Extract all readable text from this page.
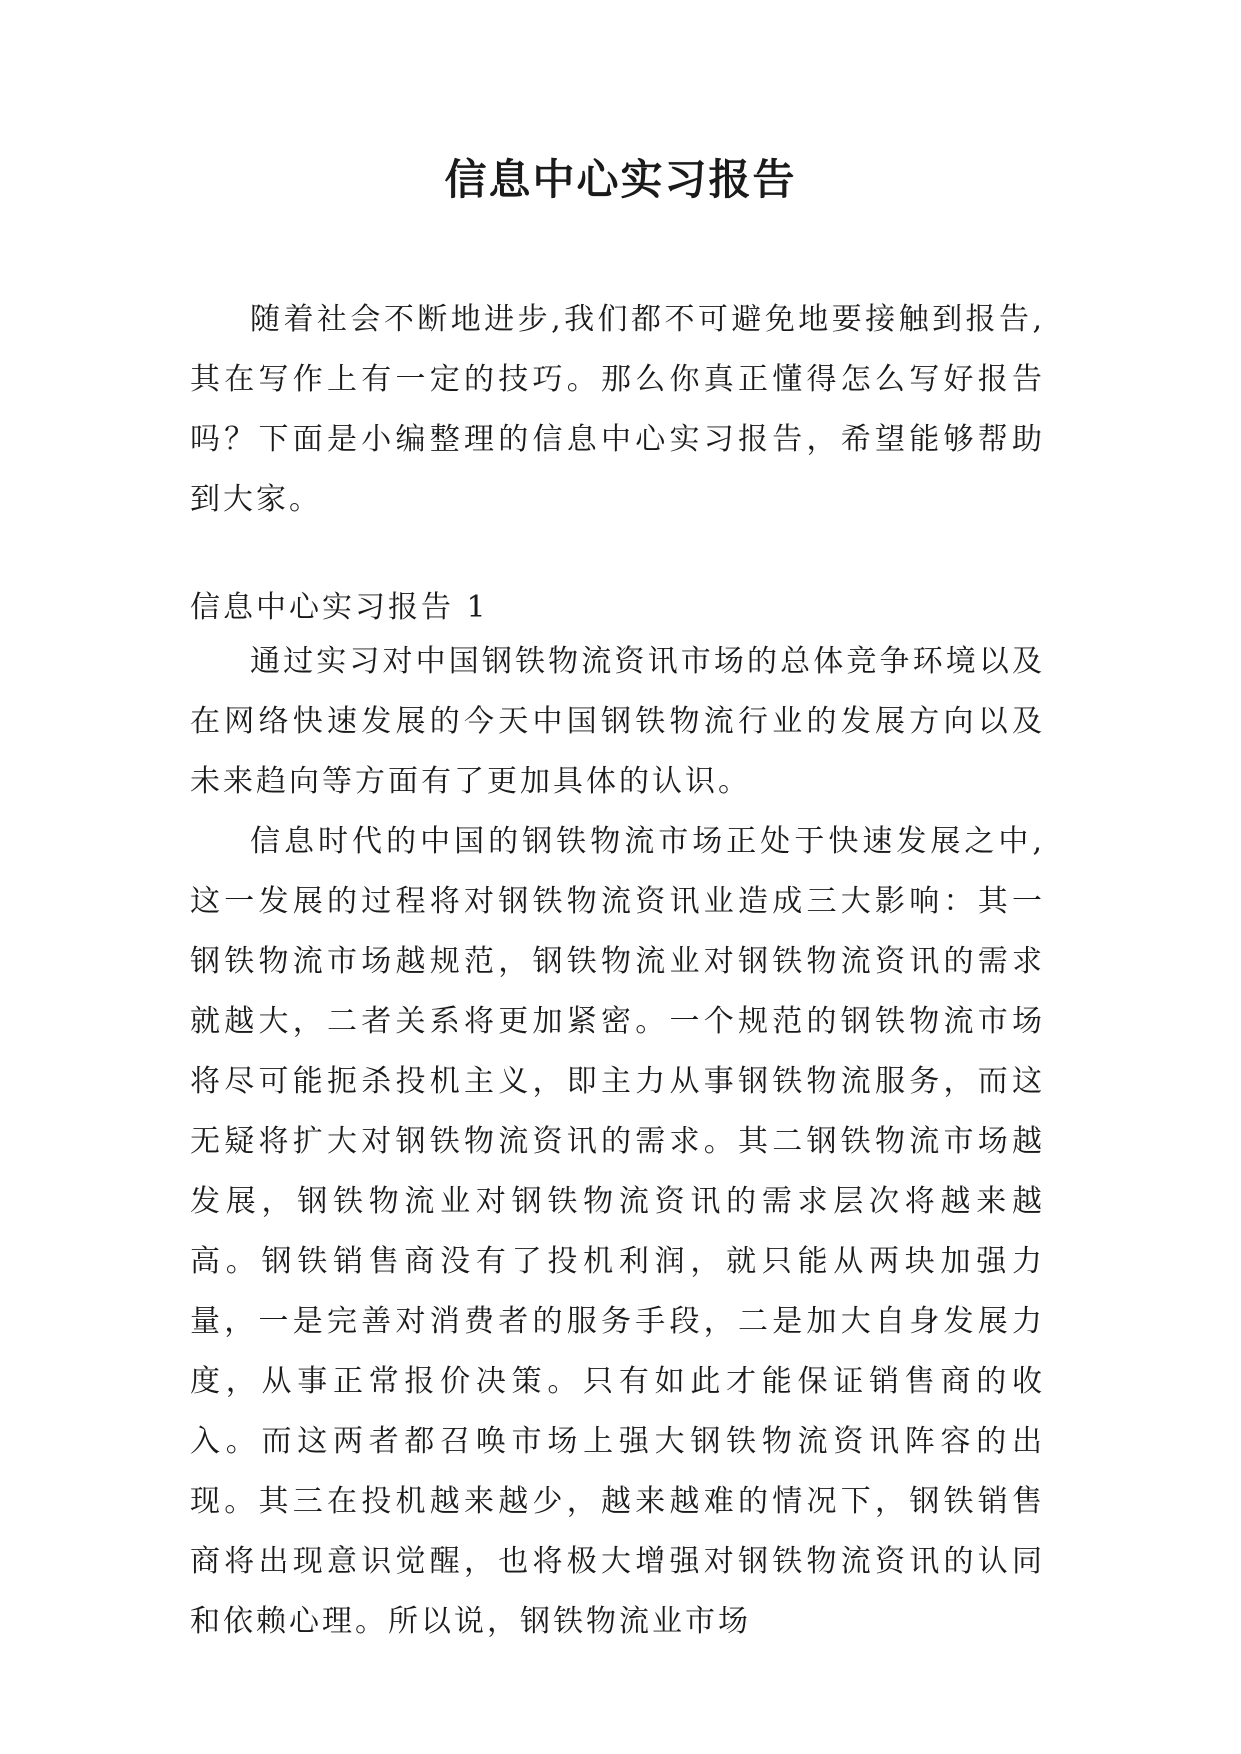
信息中心实习报告

随着社会不断地进步,我们都不可避免地要接触到报告,其在写作上有一定的技巧。那么你真正懂得怎么写好报告吗？下面是小编整理的信息中心实习报告，希望能够帮助到大家。

信息中心实习报告 1

通过实习对中国钢铁物流资讯市场的总体竞争环境以及在网络快速发展的今天中国钢铁物流行业的发展方向以及未来趋向等方面有了更加具体的认识。

信息时代的中国的钢铁物流市场正处于快速发展之中,这一发展的过程将对钢铁物流资讯业造成三大影响：其一钢铁物流市场越规范，钢铁物流业对钢铁物流资讯的需求就越大，二者关系将更加紧密。一个规范的钢铁物流市场将尽可能扼杀投机主义，即主力从事钢铁物流服务，而这无疑将扩大对钢铁物流资讯的需求。其二钢铁物流市场越发展，钢铁物流业对钢铁物流资讯的需求层次将越来越高。钢铁销售商没有了投机利润，就只能从两块加强力量，一是完善对消费者的服务手段，二是加大自身发展力度，从事正常报价决策。只有如此才能保证销售商的收入。而这两者都召唤市场上强大钢铁物流资讯阵容的出现。其三在投机越来越少，越来越难的情况下，钢铁销售商将出现意识觉醒，也将极大增强对钢铁物流资讯的认同和依赖心理。所以说，钢铁物流业市场
